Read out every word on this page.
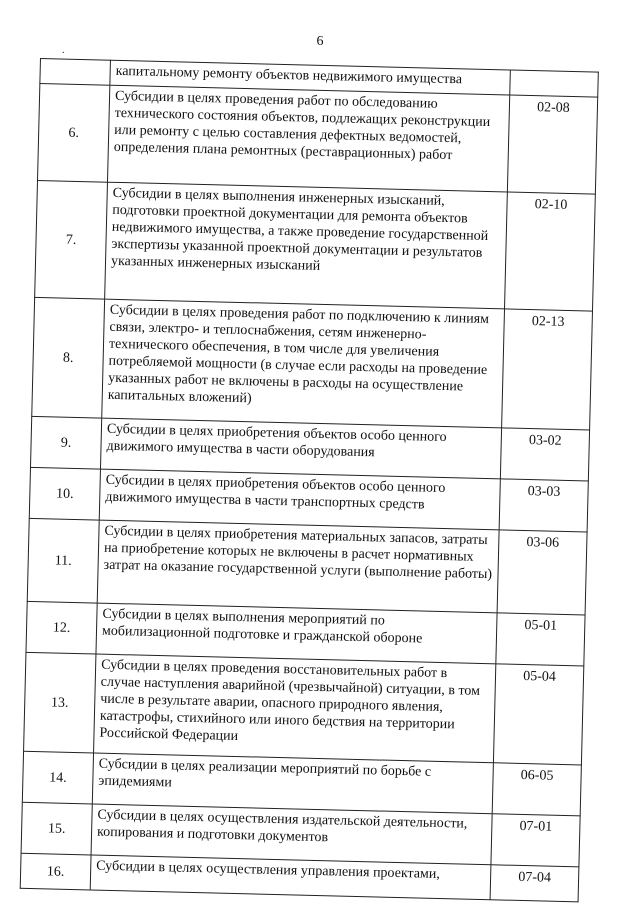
6
.
	капитальному ремонту объектов недвижимого имущества	
6.	Субсидии в целях проведения работ по обследованию технического состояния объектов, подлежащих реконструкции или ремонту с целью составления дефектных ведомостей, определения плана ремонтных (реставрационных) работ	02-08
7.	Субсидии в целях выполнения инженерных изысканий, подготовки проектной документации для ремонта объектов недвижимого имущества, а также проведение государственной экспертизы указанной проектной документации и результатов указанных инженерных изысканий	02-10
8.	Субсидии в целях проведения работ по подключению к линиям связи, электро- и теплоснабжения, сетям инженерно-технического обеспечения, в том числе для увеличения потребляемой мощности (в случае если расходы на проведение указанных работ не включены в расходы на осуществление капитальных вложений)	02-13
9.	Субсидии в целях приобретения объектов особо ценного движимого имущества в части оборудования	03-02
10.	Субсидии в целях приобретения объектов особо ценного движимого имущества в части транспортных средств	03-03
11.	Субсидии в целях приобретения материальных запасов, затраты на приобретение которых не включены в расчет нормативных затрат на оказание государственной услуги (выполнение работы)	03-06
12.	Субсидии в целях выполнения мероприятий по мобилизационной подготовке и гражданской обороне	05-01
13.	Субсидии в целях проведения восстановительных работ в случае наступления аварийной (чрезвычайной) ситуации, в том числе в результате аварии, опасного природного явления, катастрофы, стихийного или иного бедствия на территории Российской Федерации	05-04
14.	Субсидии в целях реализации мероприятий по борьбе с эпидемиями	06-05
15.	Субсидии в целях осуществления издательской деятельности, копирования и подготовки документов	07-01
16.	Субсидии в целях осуществления управления проектами,	07-04
